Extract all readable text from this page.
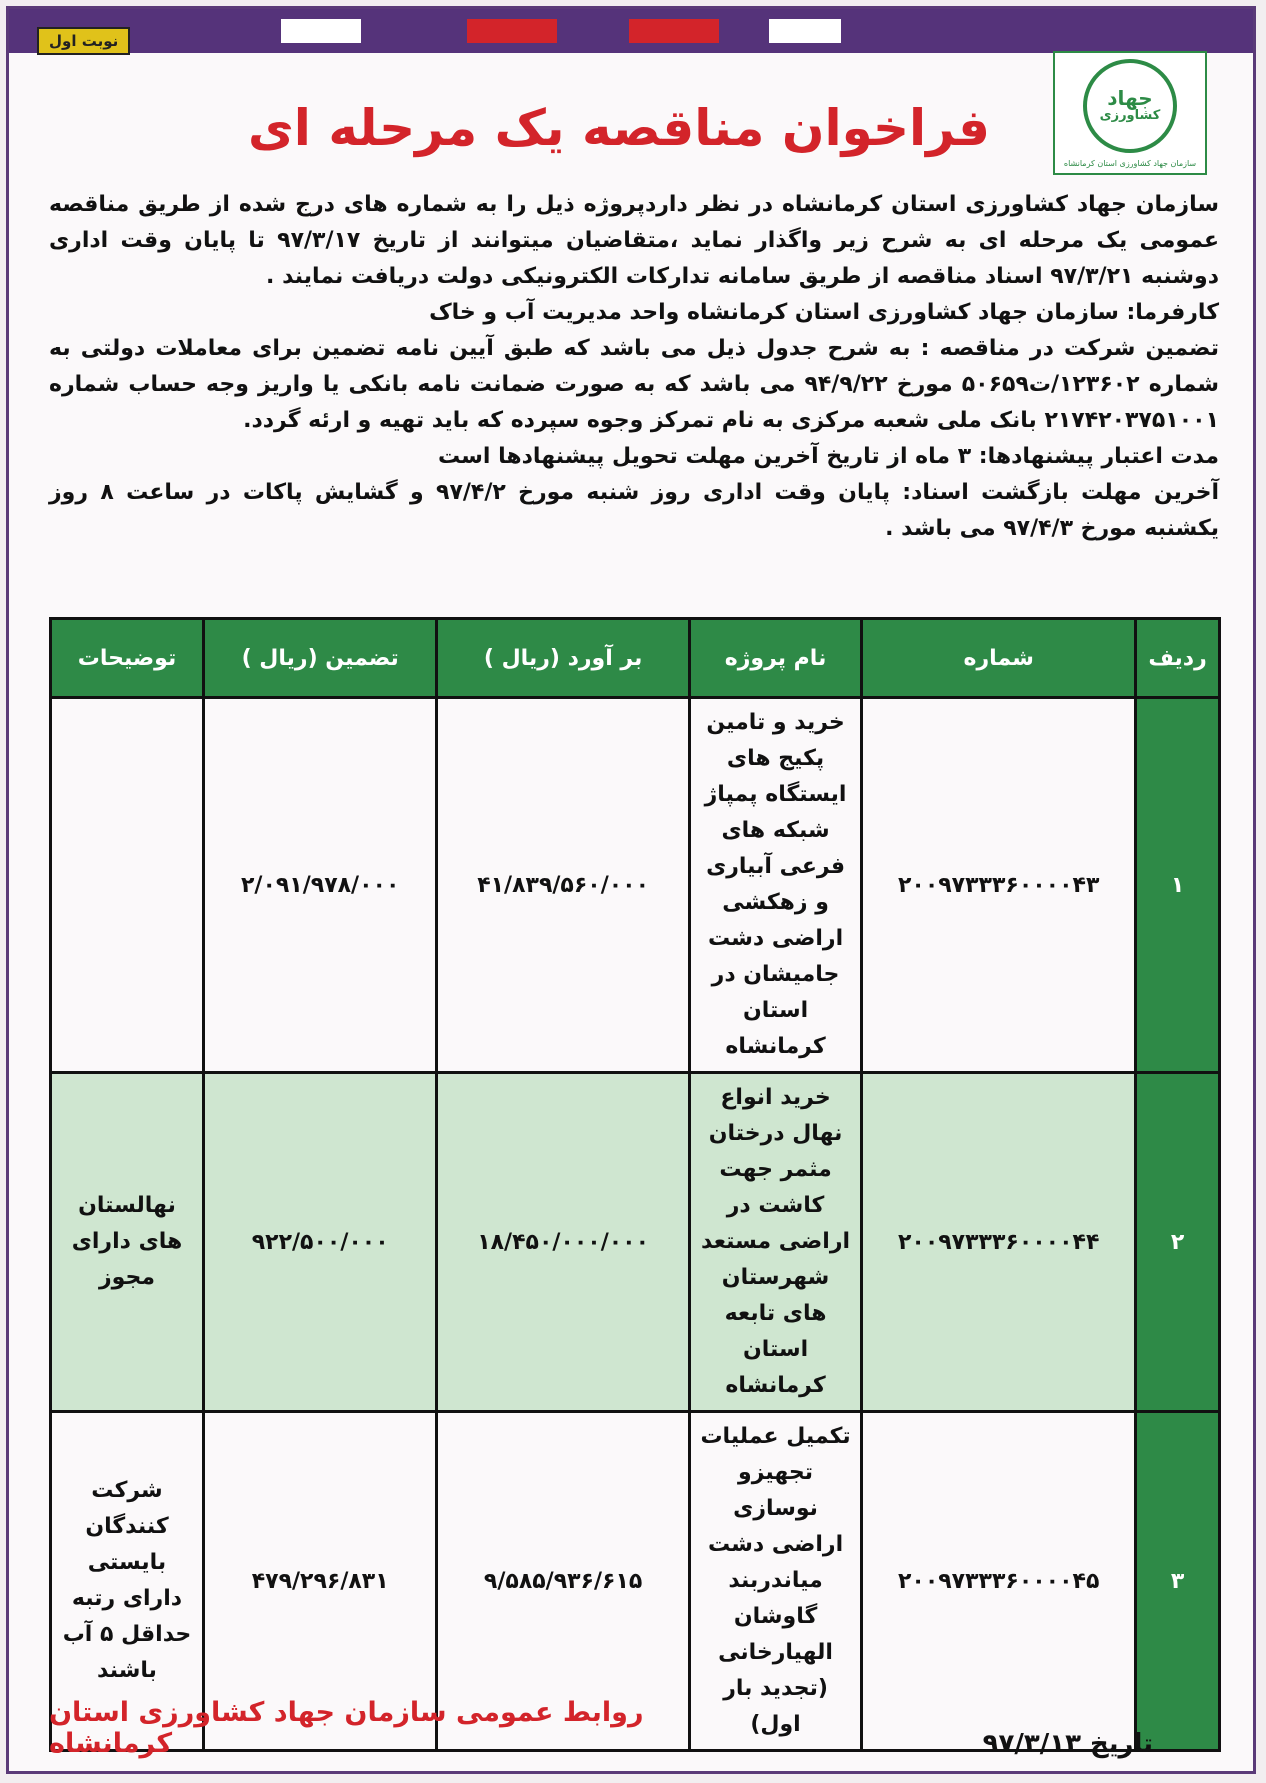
نوبت اول
جهاد
کشاورزی
سازمان جهاد کشاورزی استان کرمانشاه
فراخوان مناقصه یک مرحله ای

سازمان جهاد کشاورزی استان کرمانشاه در نظر داردپروژه ذیل را به شماره های درج شده از طریق مناقصه عمومی یک مرحله ای به شرح زیر واگذار نماید ،متقاضیان میتوانند از تاریخ ۹۷/۳/۱۷ تا پایان وقت اداری دوشنبه ۹۷/۳/۲۱ اسناد مناقصه از طریق سامانه تدارکات الکترونیکی دولت دریافت نمایند .

کارفرما: سازمان جهاد کشاورزی استان کرمانشاه واحد مدیریت آب و خاک

تضمین شرکت در مناقصه : به شرح جدول ذیل می باشد که طبق آیین نامه تضمین برای معاملات دولتی به شماره ۱۲۳۶۰۲/ت۵۰۶۵۹ مورخ ۹۴/۹/۲۲ می باشد که به صورت ضمانت نامه بانکی یا واریز وجه حساب شماره ۲۱۷۴۲۰۳۷۵۱۰۰۱ بانک ملی شعبه مرکزی به نام تمرکز وجوه سپرده که باید تهیه و ارئه گردد.

مدت اعتبار پیشنهادها: ۳ ماه از تاریخ آخرین مهلت تحویل پیشنهادها است

آخرین مهلت بازگشت اسناد: پایان وقت اداری روز شنبه مورخ ۹۷/۴/۲ و گشایش پاکات در ساعت ۸ روز یکشنبه مورخ ۹۷/۴/۳ می باشد .

ردیف	شماره	نام پروژه	بر آورد (ریال )	تضمین (ریال )	توضیحات
۱	۲۰۰۹۷۳۳۳۶۰۰۰۰۴۳	خرید و تامین پکیج های ایستگاه پمپاژ شبکه های فرعی آبیاری و زهکشی اراضی دشت جامیشان در استان کرمانشاه	۴۱/۸۳۹/۵۶۰/۰۰۰	۲/۰۹۱/۹۷۸/۰۰۰	
۲	۲۰۰۹۷۳۳۳۶۰۰۰۰۴۴	خرید انواع نهال درختان مثمر جهت کاشت در اراضی مستعد شهرستان های تابعه استان کرمانشاه	۱۸/۴۵۰/۰۰۰/۰۰۰	۹۲۲/۵۰۰/۰۰۰	نهالستان های دارای مجوز
۳	۲۰۰۹۷۳۳۳۶۰۰۰۰۴۵	تکمیل عملیات تجهیزو نوسازی اراضی دشت میاندربند گاوشان الهیارخانی (تجدید بار اول)	۹/۵۸۵/۹۳۶/۶۱۵	۴۷۹/۲۹۶/۸۳۱	شرکت کنندگان بایستی دارای رتبه حداقل ۵ آب باشند
روابط عمومی سازمان جهاد کشاورزی استان کرمانشاه	تاریخ ۹۷/۳/۱۳
